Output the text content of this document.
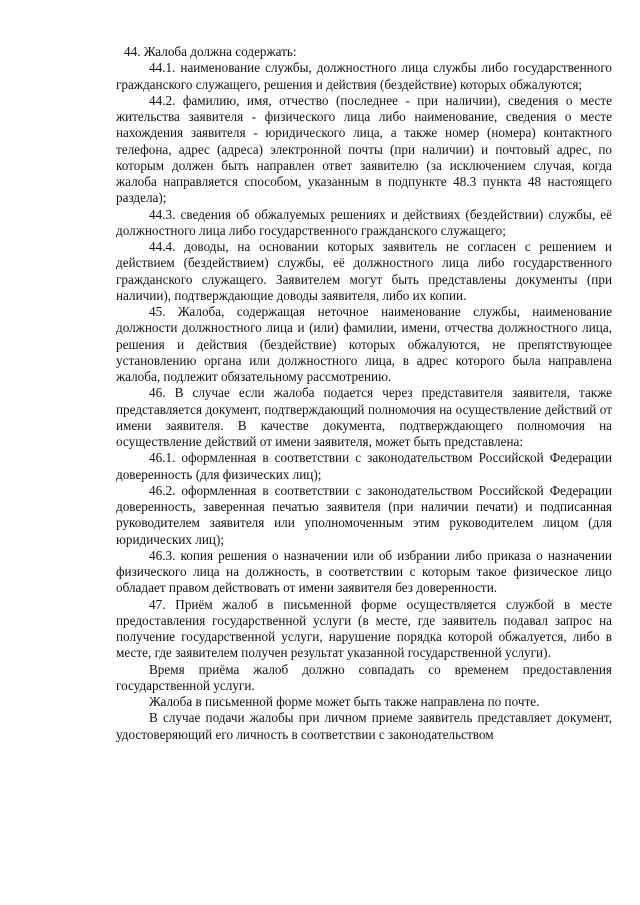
44. Жалоба должна содержать:

44.1. наименование службы, должностного лица службы либо государственного гражданского служащего, решения и действия (бездействие) которых обжалуются;

44.2. фамилию, имя, отчество (последнее - при наличии), сведения о месте жительства заявителя - физического лица либо наименование, сведения о месте нахождения заявителя - юридического лица, а также номер (номера) контактного телефона, адрес (адреса) электронной почты (при наличии) и почтовый адрес, по которым должен быть направлен ответ заявителю (за исключением случая, когда жалоба направляется способом, указанным в подпункте 48.3 пункта 48 настоящего раздела);

44.3. сведения об обжалуемых решениях и действиях (бездействии) службы, её должностного лица либо государственного гражданского служащего;

44.4. доводы, на основании которых заявитель не согласен с решением и действием (бездействием) службы, её должностного лица либо государственного гражданского служащего. Заявителем могут быть представлены документы (при наличии), подтверждающие доводы заявителя, либо их копии.

45. Жалоба, содержащая неточное наименование службы, наименование должности должностного лица и (или) фамилии, имени, отчества должностного лица, решения и действия (бездействие) которых обжалуются, не препятствующее установлению органа или должностного лица, в адрес которого была направлена жалоба, подлежит обязательному рассмотрению.

46. В случае если жалоба подается через представителя заявителя, также представляется документ, подтверждающий полномочия на осуществление действий от имени заявителя. В качестве документа, подтверждающего полномочия на осуществление действий от имени заявителя, может быть представлена:

46.1. оформленная в соответствии с законодательством Российской Федерации доверенность (для физических лиц);

46.2. оформленная в соответствии с законодательством Российской Федерации доверенность, заверенная печатью заявителя (при наличии печати) и подписанная руководителем заявителя или уполномоченным этим руководителем лицом (для юридических лиц);

46.3. копия решения о назначении или об избрании либо приказа о назначении физического лица на должность, в соответствии с которым такое физическое лицо обладает правом действовать от имени заявителя без доверенности.

47. Приём жалоб в письменной форме осуществляется службой в месте предоставления государственной услуги (в месте, где заявитель подавал запрос на получение государственной услуги, нарушение порядка которой обжалуется, либо в месте, где заявителем получен результат указанной государственной услуги).

Время приёма жалоб должно совпадать со временем предоставления государственной услуги.

Жалоба в письменной форме может быть также направлена по почте.

В случае подачи жалобы при личном приеме заявитель представляет документ, удостоверяющий его личность в соответствии с законодательством
